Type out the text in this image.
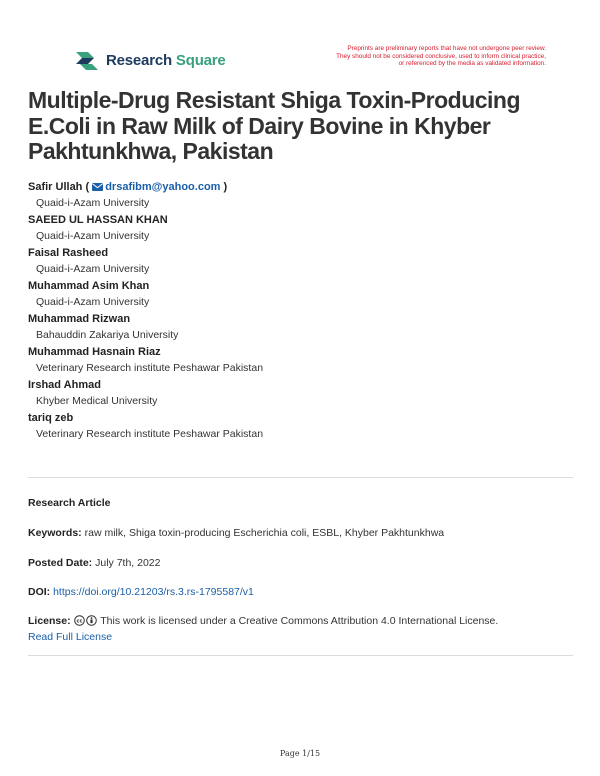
Research Square
Preprints are preliminary reports that have not undergone peer review.
They should not be considered conclusive, used to inform clinical practice,
or referenced by the media as validated information.
Multiple-Drug Resistant Shiga Toxin-Producing
E.Coli in Raw Milk of Dairy Bovine in Khyber
Pakhtunkhwa, Pakistan
Safir Ullah ( drsafibm@yahoo.com )
Quaid-i-Azam University
SAEED UL HASSAN KHAN
Quaid-i-Azam University
Faisal Rasheed
Quaid-i-Azam University
Muhammad Asim Khan
Quaid-i-Azam University
Muhammad Rizwan
Bahauddin Zakariya University
Muhammad Hasnain Riaz
Veterinary Research institute Peshawar Pakistan
Irshad Ahmad
Khyber Medical University
tariq zeb
Veterinary Research institute Peshawar Pakistan
Research Article
Keywords: raw milk, Shiga toxin-producing Escherichia coli, ESBL, Khyber Pakhtunkhwa
Posted Date: July 7th, 2022
DOI: https://doi.org/10.21203/rs.3.rs-1795587/v1
License: cc This work is licensed under a Creative Commons Attribution 4.0 International License.
Read Full License
Page 1/15
